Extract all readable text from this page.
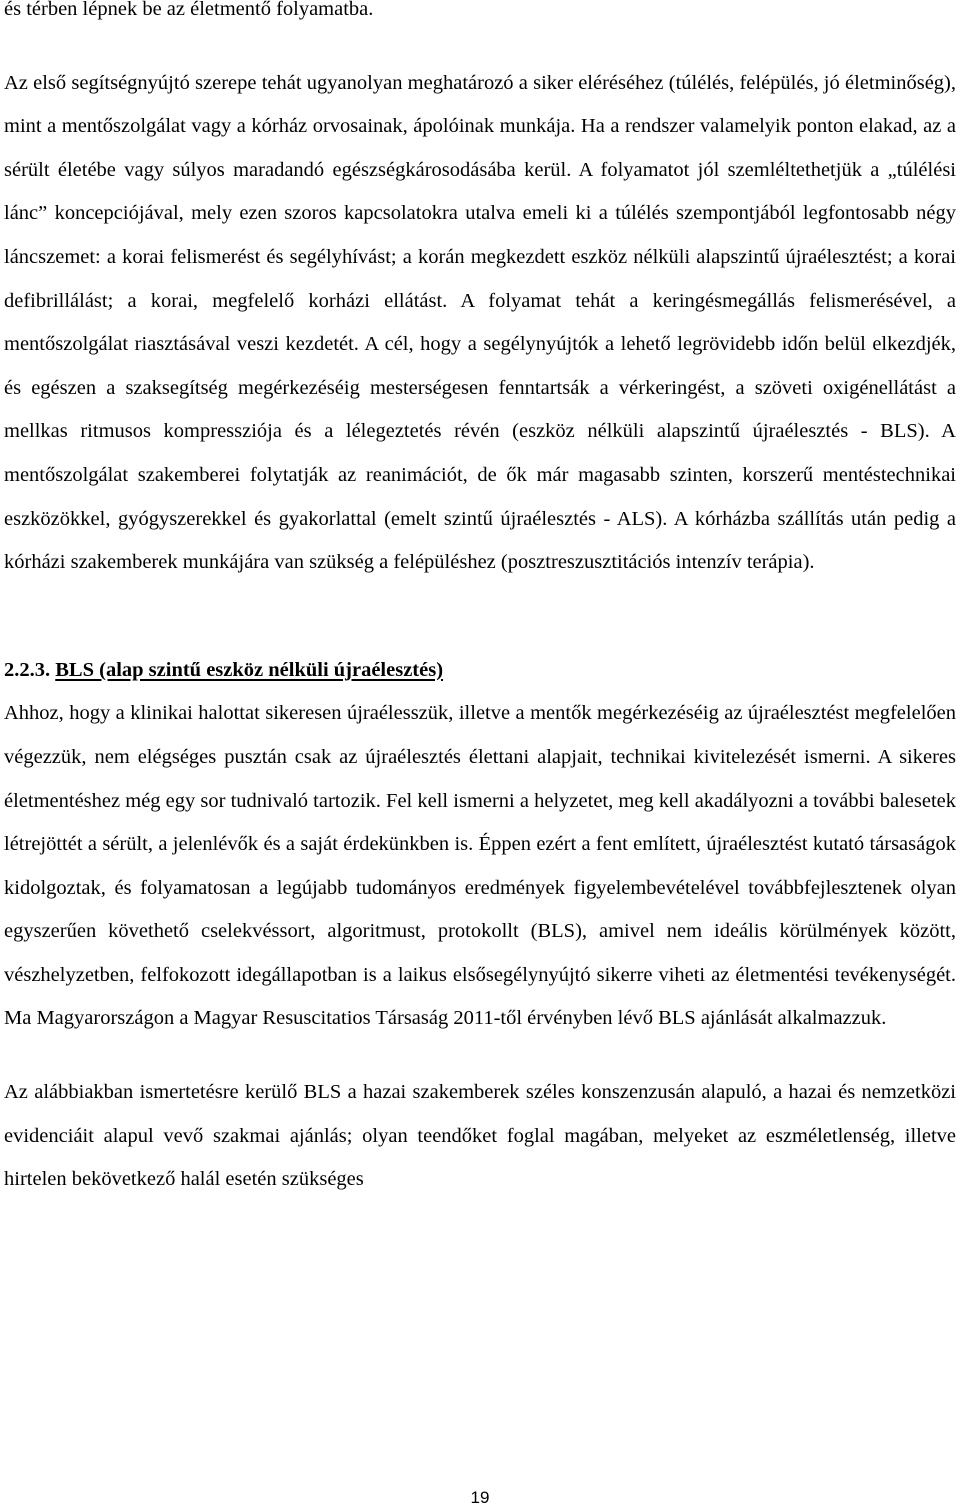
és térben lépnek be az életmentő folyamatba.

Az első segítségnyújtó szerepe tehát ugyanolyan meghatározó a siker eléréséhez (túlélés, felépülés, jó életminőség), mint a mentőszolgálat vagy a kórház orvosainak, ápolóinak munkája. Ha a rendszer valamelyik ponton elakad, az a sérült életébe vagy súlyos maradandó egészségkárosodásába kerül. A folyamatot jól szemléltethetjük a „túlélési lánc” koncepciójával, mely ezen szoros kapcsolatokra utalva emeli ki a túlélés szempontjából legfontosabb négy láncszemet: a korai felismerést és segélyhívást; a korán megkezdett eszköz nélküli alapszintű újraélesztést; a korai defibrillálást; a korai, megfelelő korházi ellátást. A folyamat tehát a keringésmegállás felismerésével, a mentőszolgálat riasztásával veszi kezdetét. A cél, hogy a segélynyújtók a lehető legrövidebb időn belül elkezdjék, és egészen a szaksegítség megérkezéséig mesterségesen fenntartsák a vérkeringést, a szöveti oxigénellátást a mellkas ritmusos kompressziója és a lélegeztetés révén (eszköz nélküli alapszintű újraélesztés - BLS). A mentőszolgálat szakemberei folytatják az reanimációt, de ők már magasabb szinten, korszerű mentéstechnikai eszközökkel, gyógyszerekkel és gyakorlattal (emelt szintű újraélesztés - ALS). A kórházba szállítás után pedig a kórházi szakemberek munkájára van szükség a felépüléshez (posztreszusztitációs intenzív terápia).

2.2.3. BLS (alap szintű eszköz nélküli újraélesztés)

Ahhoz, hogy a klinikai halottat sikeresen újraélesszük, illetve a mentők megérkezéséig az újraélesztést megfelelően végezzük, nem elégséges pusztán csak az újraélesztés élettani alapjait, technikai kivitelezését ismerni. A sikeres életmentéshez még egy sor tudnivaló tartozik. Fel kell ismerni a helyzetet, meg kell akadályozni a további balesetek létrejöttét a sérült, a jelenlévők és a saját érdekünkben is. Éppen ezért a fent említett, újraélesztést kutató társaságok kidolgoztak, és folyamatosan a legújabb tudományos eredmények figyelembevételével továbbfejlesztenek olyan egyszerűen követhető cselekvéssort, algoritmust, protokollt (BLS), amivel nem ideális körülmények között, vészhelyzetben, felfokozott idegállapotban is a laikus elsősegélynyújtó sikerre viheti az életmentési tevékenységét. Ma Magyarországon a Magyar Resuscitatios Társaság 2011-től érvényben lévő BLS ajánlását alkalmazzuk.

Az alábbiakban ismertetésre kerülő BLS a hazai szakemberek széles konszenzusán alapuló, a hazai és nemzetközi evidenciáit alapul vevő szakmai ajánlás; olyan teendőket foglal magában, melyeket az eszméletlenség, illetve hirtelen bekövetkező halál esetén szükséges

19
